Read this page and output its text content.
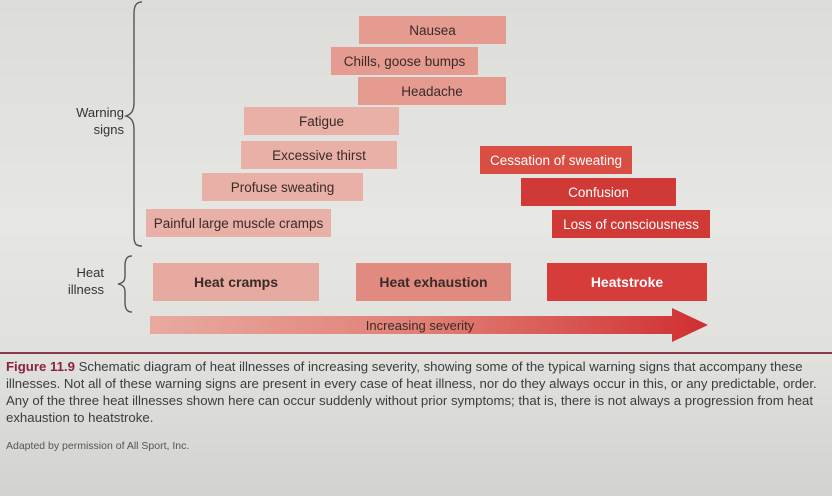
Warning signs
Heat illness
Nausea
Chills, goose bumps
Headache
Fatigue
Excessive thirst
Profuse sweating
Painful large muscle cramps
Cessation of sweating
Confusion
Loss of consciousness
Heat cramps	Heat exhaustion	Heatstroke
Increasing severity
Figure 11.9 Schematic diagram of heat illnesses of increasing severity, showing some of the typical warning signs that accompany these illnesses. Not all of these warning signs are present in every case of heat illness, nor do they always occur in this, or any predictable, order. Any of the three heat illnesses shown here can occur suddenly without prior symptoms; that is, there is not always a progression from heat exhaustion to heatstroke.
Adapted by permission of All Sport, Inc.
